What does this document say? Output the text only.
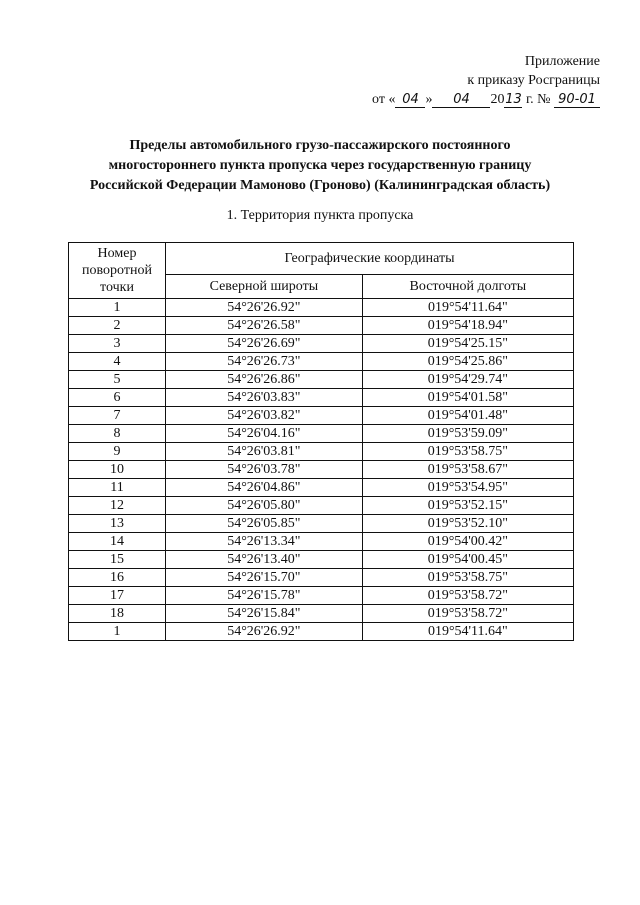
Приложение
к приказу Росграницы
от « 04 » 04 2013 г. № 90-01
Пределы автомобильного грузо-пассажирского постоянного
многостороннего пункта пропуска через государственную границу
Российской Федерации Мамоново (Гроново) (Калининградская область)
1. Территория пункта пропуска
Номер поворотной точки	Географические координаты	
	Северной широты	Восточной долготы
1	54°26'26.92"	019°54'11.64"
2	54°26'26.58"	019°54'18.94"
3	54°26'26.69"	019°54'25.15"
4	54°26'26.73"	019°54'25.86"
5	54°26'26.86"	019°54'29.74"
6	54°26'03.83"	019°54'01.58"
7	54°26'03.82"	019°54'01.48"
8	54°26'04.16"	019°53'59.09"
9	54°26'03.81"	019°53'58.75"
10	54°26'03.78"	019°53'58.67"
11	54°26'04.86"	019°53'54.95"
12	54°26'05.80"	019°53'52.15"
13	54°26'05.85"	019°53'52.10"
14	54°26'13.34"	019°54'00.42"
15	54°26'13.40"	019°54'00.45"
16	54°26'15.70"	019°53'58.75"
17	54°26'15.78"	019°53'58.72"
18	54°26'15.84"	019°53'58.72"
1	54°26'26.92"	019°54'11.64"
